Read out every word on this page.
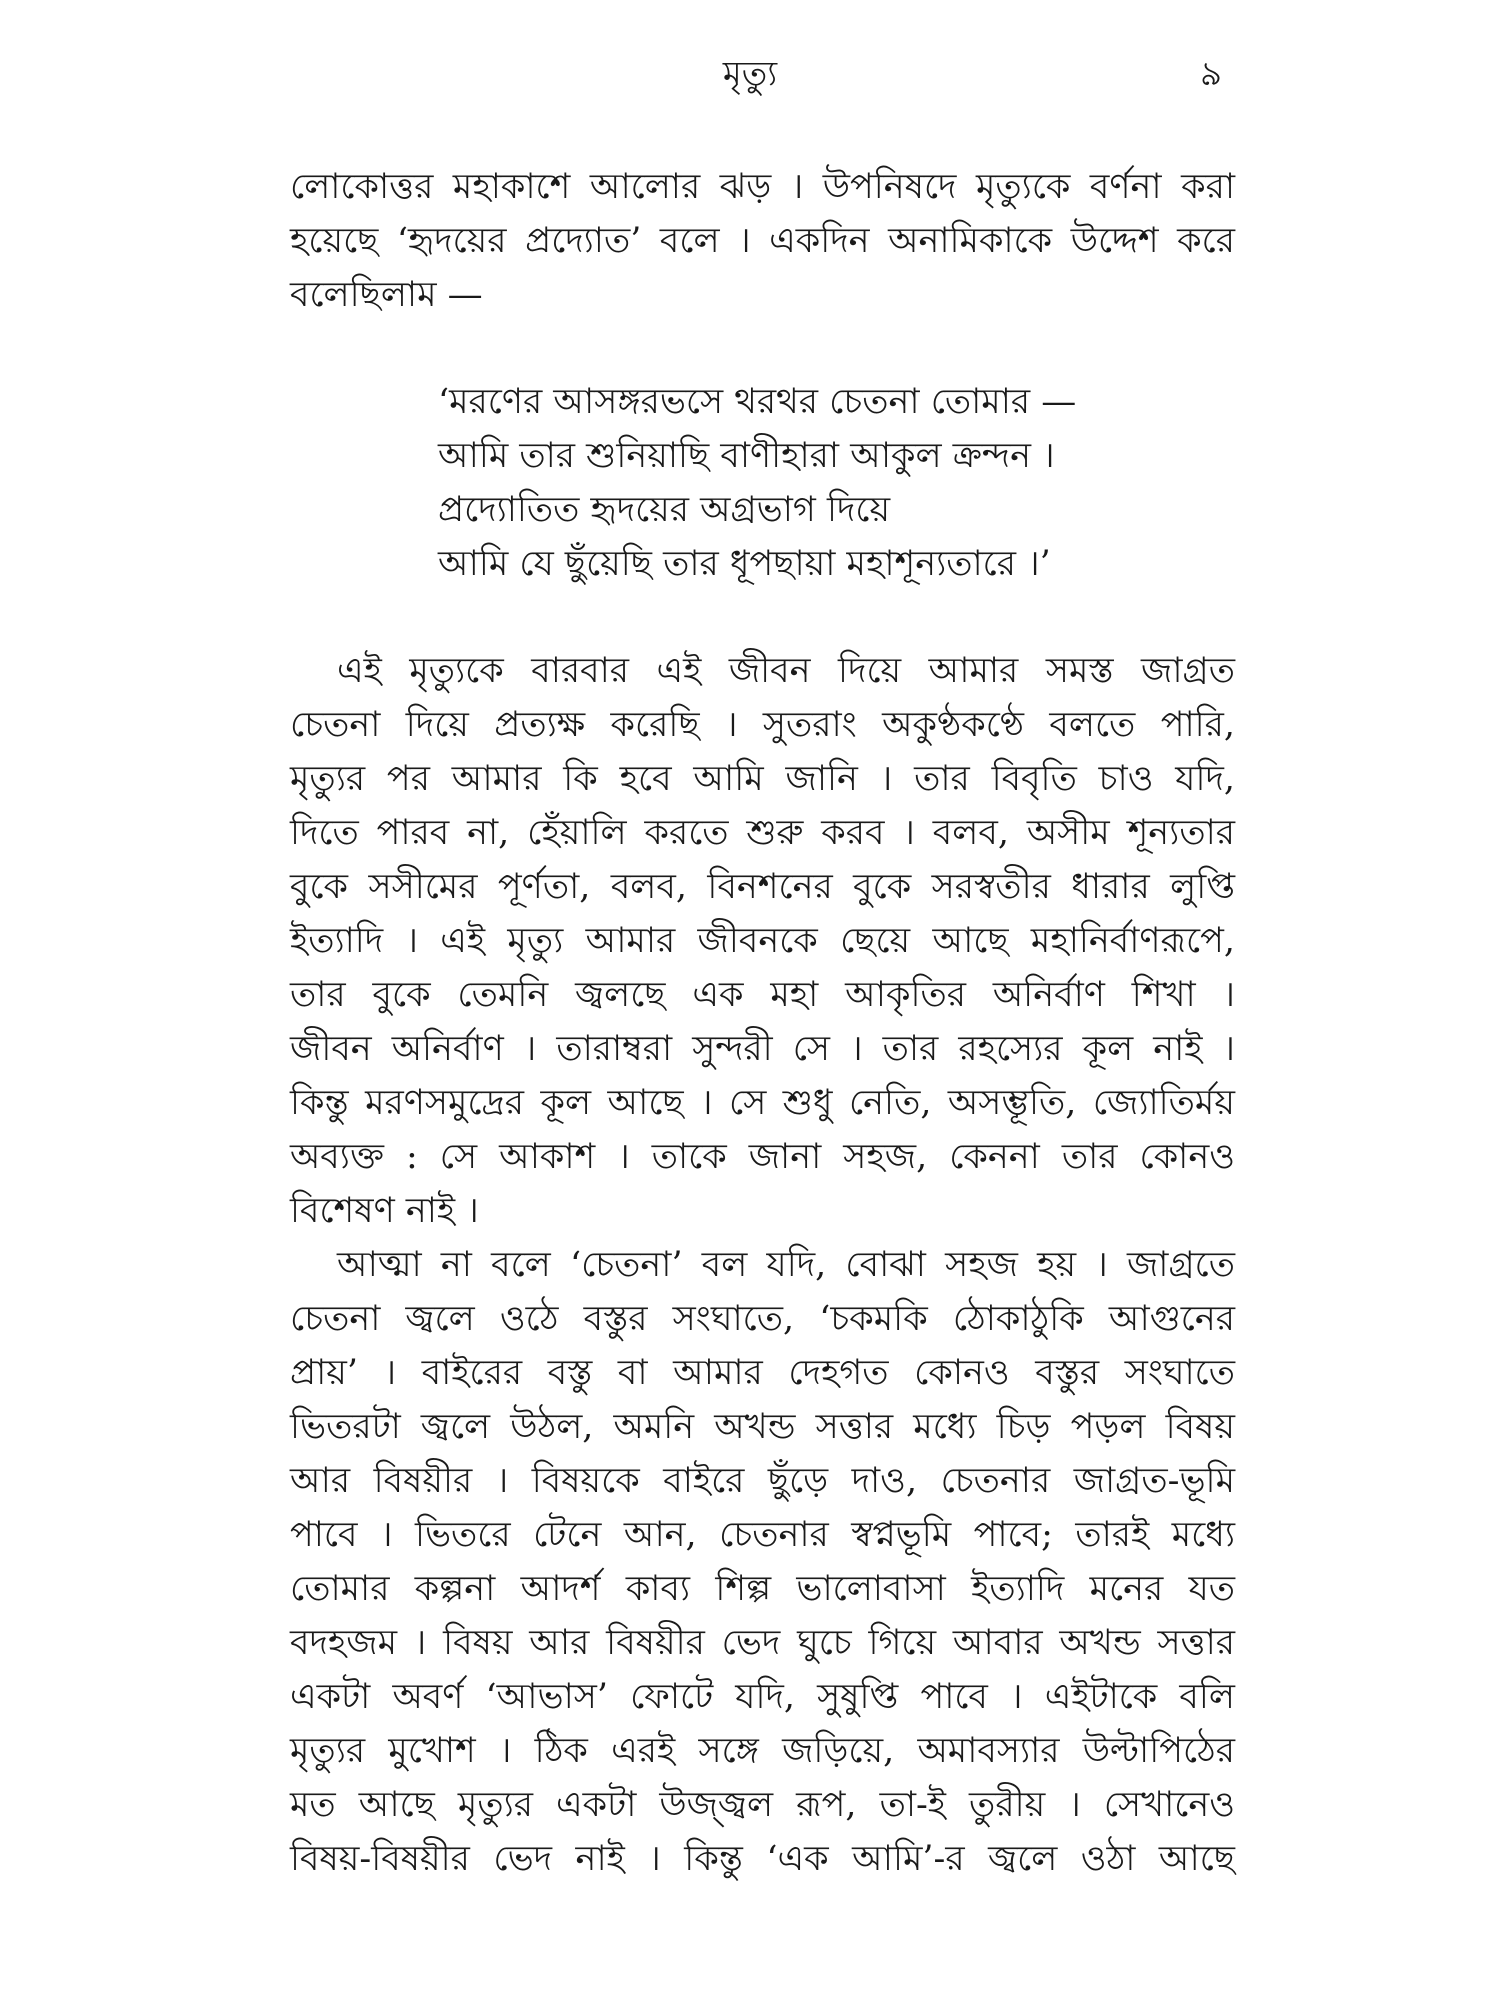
মৃত্যু	৯
লোকোত্তর মহাকাশে আলোর ঝড় । উপনিষদে মৃত্যুকে বর্ণনা করা
হয়েছে ‘হৃদয়ের প্রদ্যোত’ বলে । একদিন অনামিকাকে উদ্দেশ করে
বলেছিলাম —
‘মরণের আসঙ্গরভসে থরথর চেতনা তোমার —
আমি তার শুনিয়াছি বাণীহারা আকুল ক্রন্দন ।
প্রদ্যোতিত হৃদয়ের অগ্রভাগ দিয়ে
আমি যে ছুঁয়েছি তার ধূপছায়া মহাশূন্যতারে ।’
এই মৃত্যুকে বারবার এই জীবন দিয়ে আমার সমস্ত জাগ্রত
চেতনা দিয়ে প্রত্যক্ষ করেছি । সুতরাং অকুণ্ঠকণ্ঠে বলতে পারি,
মৃত্যুর পর আমার কি হবে আমি জানি । তার বিবৃতি চাও যদি,
দিতে পারব না, হেঁয়ালি করতে শুরু করব । বলব, অসীম শূন্যতার
বুকে সসীমের পূর্ণতা, বলব, বিনশনের বুকে সরস্বতীর ধারার লুপ্তি
ইত্যাদি । এই মৃত্যু আমার জীবনকে ছেয়ে আছে মহানির্বাণরূপে,
তার বুকে তেমনি জ্বলছে এক মহা আকৃতির অনির্বাণ শিখা ।
জীবন অনির্বাণ । তারাম্বরা সুন্দরী সে । তার রহস্যের কূল নাই ।
কিন্তু মরণসমুদ্রের কূল আছে । সে শুধু নেতি, অসম্ভূতি, জ্যোতির্ময়
অব্যক্ত : সে আকাশ । তাকে জানা সহজ, কেননা তার কোনও
বিশেষণ নাই ।
আত্মা না বলে ‘চেতনা’ বল যদি, বোঝা সহজ হয় । জাগ্রতে
চেতনা জ্বলে ওঠে বস্তুর সংঘাতে, ‘চকমকি ঠোকাঠুকি আগুনের
প্রায়’ । বাইরের বস্তু বা আমার দেহগত কোনও বস্তুর সংঘাতে
ভিতরটা জ্বলে উঠল, অমনি অখন্ড সত্তার মধ্যে চিড় পড়ল বিষয়
আর বিষয়ীর । বিষয়কে বাইরে ছুঁড়ে দাও, চেতনার জাগ্রত-ভূমি
পাবে । ভিতরে টেনে আন, চেতনার স্বপ্নভূমি পাবে; তারই মধ্যে
তোমার কল্পনা আদর্শ কাব্য শিল্প ভালোবাসা ইত্যাদি মনের যত
বদহজম । বিষয় আর বিষয়ীর ভেদ ঘুচে গিয়ে আবার অখন্ড সত্তার
একটা অবর্ণ ‘আভাস’ ফোটে যদি, সুষুপ্তি পাবে । এইটাকে বলি
মৃত্যুর মুখোশ । ঠিক এরই সঙ্গে জড়িয়ে, অমাবস্যার উল্টাপিঠের
মত আছে মৃত্যুর একটা উজ্জ্বল রূপ, তা-ই তুরীয় । সেখানেও
বিষয়-বিষয়ীর ভেদ নাই । কিন্তু ‘এক আমি’-র জ্বলে ওঠা আছে
